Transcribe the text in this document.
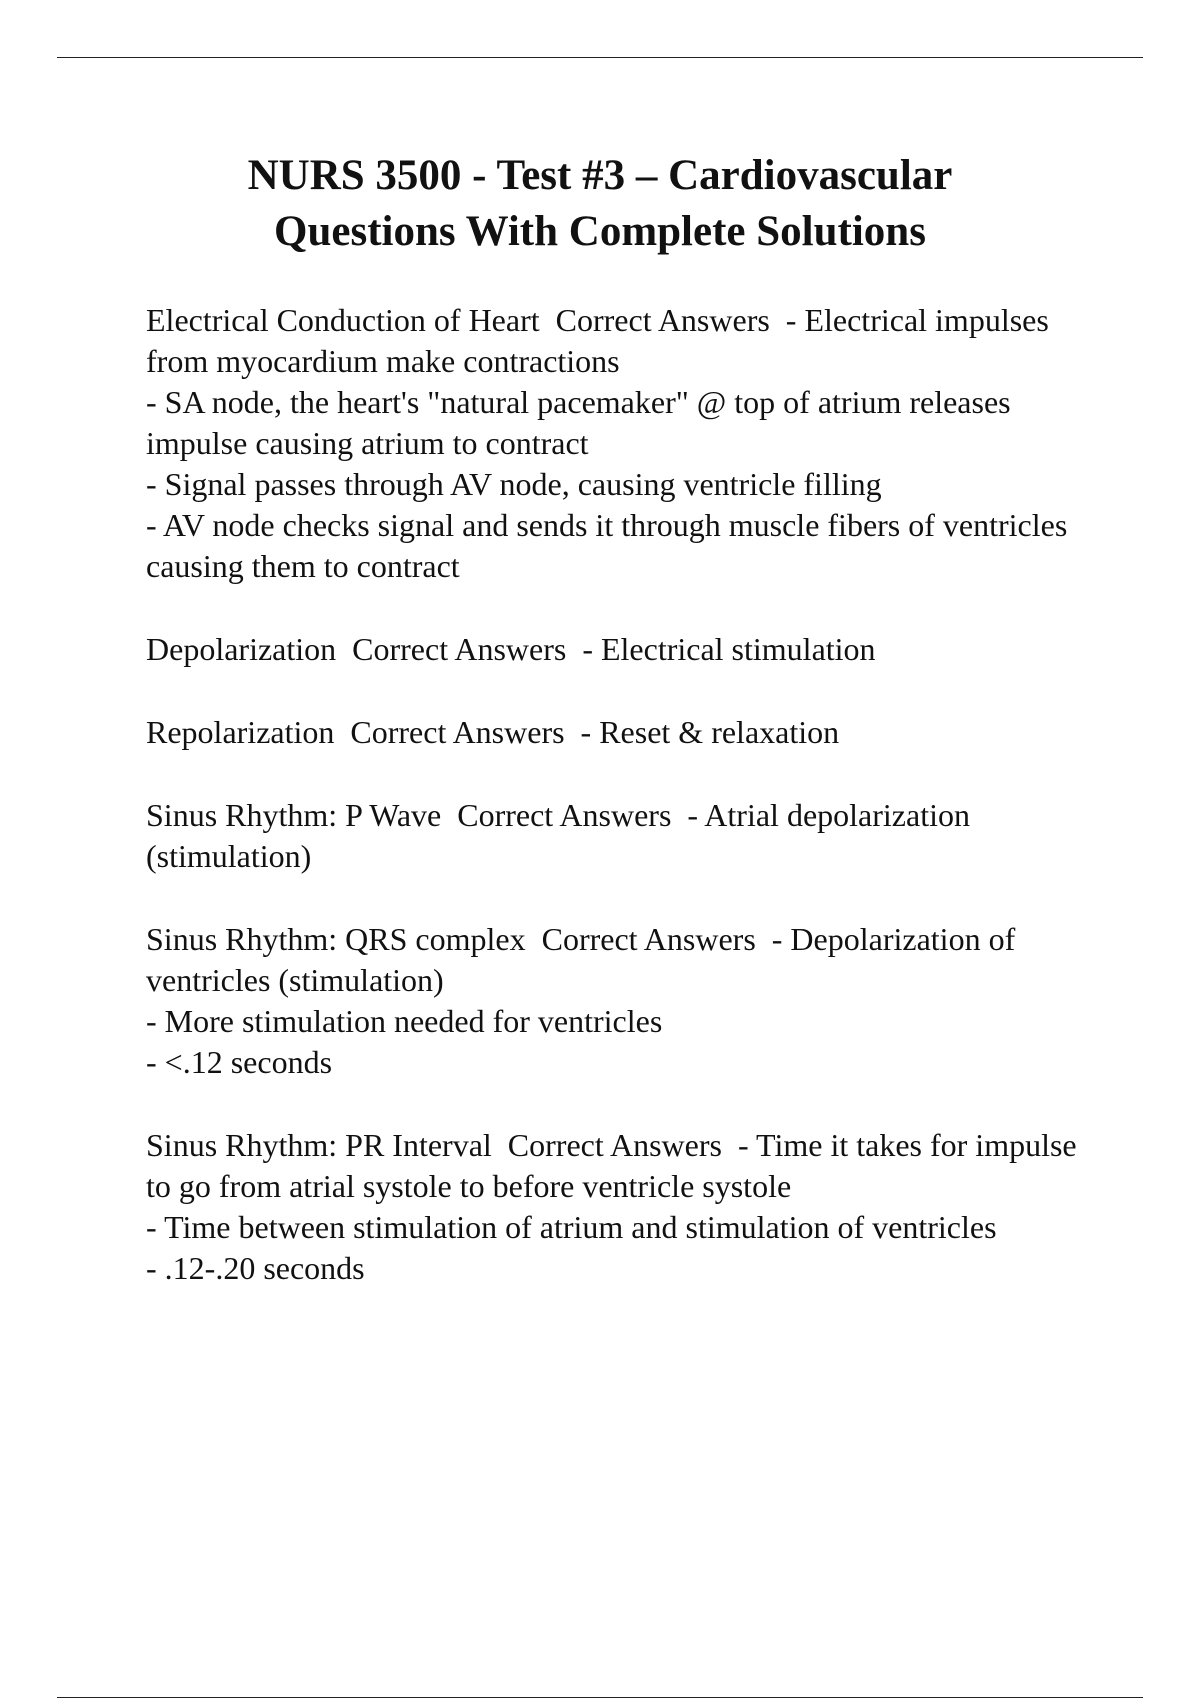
NURS 3500 - Test #3 – Cardiovascular
Questions With Complete Solutions
Electrical Conduction of Heart Correct Answers - Electrical impulses from myocardium make contractions
- SA node, the heart's "natural pacemaker" @ top of atrium releases impulse causing atrium to contract
- Signal passes through AV node, causing ventricle filling
- AV node checks signal and sends it through muscle fibers of ventricles causing them to contract
Depolarization Correct Answers - Electrical stimulation
Repolarization Correct Answers - Reset & relaxation
Sinus Rhythm: P Wave Correct Answers - Atrial depolarization (stimulation)
Sinus Rhythm: QRS complex Correct Answers - Depolarization of ventricles (stimulation)
- More stimulation needed for ventricles
- <.12 seconds
Sinus Rhythm: PR Interval Correct Answers - Time it takes for impulse to go from atrial systole to before ventricle systole
- Time between stimulation of atrium and stimulation of ventricles
- .12-.20 seconds
